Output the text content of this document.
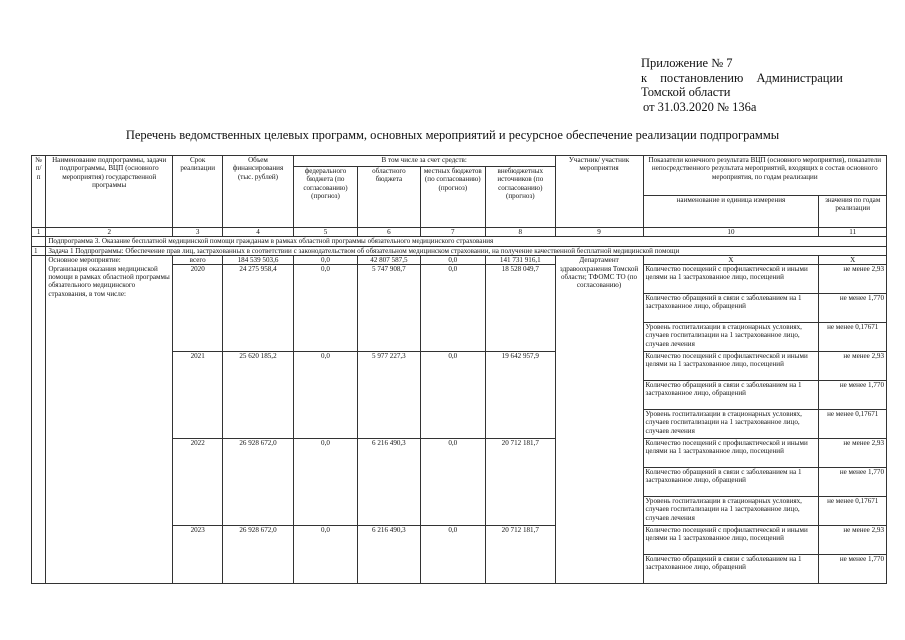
Приложение № 7
к постановлению Администрации
Томской области
от 31.03.2020 № 136а
Перечень ведомственных целевых программ, основных мероприятий и ресурсное обеспечение реализации подпрограммы
№ п/п	Наименование подпрограммы, задачи подпрограммы, ВЦП (основного мероприятия) государственной программы	Срок реализации	Объем финансирования (тыс. рублей)	В том числе за счет средств:				Участник/ участник мероприятия	Показатели конечного результата ВЦП (основного мероприятия), показатели непосредственного результата мероприятий, входящих в состав основного мероприятия, по годам реализации	
				федерального бюджета (по согласованию) (прогноз)	областного бюджета	местных бюджетов (по согласованию) (прогноз)	внебюджетных источников (по согласованию) (прогноз)			
									наименование и единица измерения	значения по годам реализации
1	2	3	4	5	6	7	8	9	10	11
	Подпрограмма 3. Оказание бесплатной медицинской помощи гражданам в рамках областной программы обязательного медицинского страхования									
1	Задача 1 Подпрограммы: Обеспечение прав лиц, застрахованных в соответствии с законодательством об обязательном медицинском страховании, на получение качественной бесплатной медицинской помощи									
	Основное мероприятие:	всего	184 539 503,6	0,0	42 807 587,5	0,0	141 731 916,1	Департамент	Х	Х
	Организация оказания медицинской помощи в рамках областной программы обязательного медицинского страхования, в том числе:	2020	24 275 958,4	0,0	5 747 908,7	0,0	18 528 049,7	здравоохранения Томской области; ТФОМС ТО (по согласованию)	Количество посещений с профилактической и иными целями на 1 застрахованное лицо, посещений	не менее 2,93
									Количество обращений в связи с заболеванием на 1 застрахованное лицо, обращений	не менее 1,770
									Уровень госпитализации в стационарных условиях, случаев госпитализации на 1 застрахованное лицо, случаев лечения	не менее 0,17671
		2021	25 620 185,2	0,0	5 977 227,3	0,0	19 642 957,9		Количество посещений с профилактической и иными целями на 1 застрахованное лицо, посещений	не менее 2,93
									Количество обращений в связи с заболеванием на 1 застрахованное лицо, обращений	не менее 1,770
									Уровень госпитализации в стационарных условиях, случаев госпитализации на 1 застрахованное лицо, случаев лечения	не менее 0,17671
		2022	26 928 672,0	0,0	6 216 490,3	0,0	20 712 181,7		Количество посещений с профилактической и иными целями на 1 застрахованное лицо, посещений	не менее 2,93
									Количество обращений в связи с заболеванием на 1 застрахованное лицо, обращений	не менее 1,770
									Уровень госпитализации в стационарных условиях, случаев госпитализации на 1 застрахованное лицо, случаев лечения	не менее 0,17671
		2023	26 928 672,0	0,0	6 216 490,3	0,0	20 712 181,7		Количество посещений с профилактической и иными целями на 1 застрахованное лицо, посещений	не менее 2,93
									Количество обращений в связи с заболеванием на 1 застрахованное лицо, обращений	не менее 1,770
